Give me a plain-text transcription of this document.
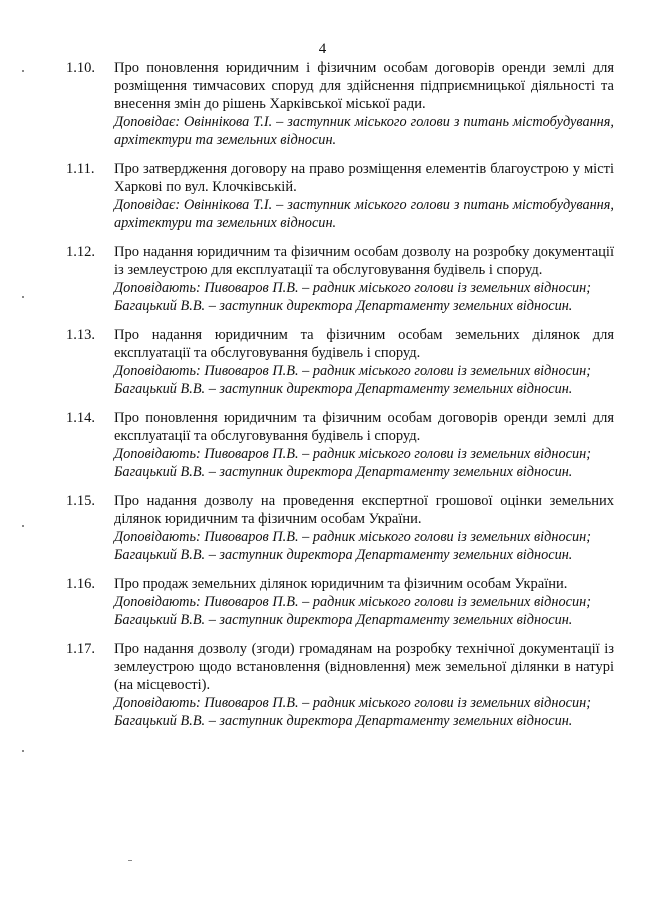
4
1.10.	Про поновлення юридичним і фізичним особам договорів оренди землі для розміщення тимчасових споруд для здійснення підприємницької діяльності та внесення змін до рішень Харківської міської ради.
Доповідає: Овіннікова Т.І. – заступник міського голови з питань містобудування, архітектури та земельних відносин.
1.11.	Про затвердження договору на право розміщення елементів благоустрою у місті Харкові по вул. Клочківській.
Доповідає: Овіннікова Т.І. – заступник міського голови з питань містобудування, архітектури та земельних відносин.
1.12.	Про надання юридичним та фізичним особам дозволу на розробку документації із землеустрою для експлуатації та обслуговування будівель і споруд.
Доповідають: Пивоваров П.В. – радник міського голови із земельних відносин;
Багацький В.В. – заступник директора Департаменту земельних відносин.
1.13.	Про надання юридичним та фізичним особам земельних ділянок для експлуатації та обслуговування будівель і споруд.
Доповідають: Пивоваров П.В. – радник міського голови із земельних відносин;
Багацький В.В. – заступник директора Департаменту земельних відносин.
1.14.	Про поновлення юридичним та фізичним особам договорів оренди землі для експлуатації та обслуговування будівель і споруд.
Доповідають: Пивоваров П.В. – радник міського голови із земельних відносин;
Багацький В.В. – заступник директора Департаменту земельних відносин.
1.15.	Про надання дозволу на проведення експертної грошової оцінки земельних ділянок юридичним та фізичним особам України.
Доповідають: Пивоваров П.В. – радник міського голови із земельних відносин;
Багацький В.В. – заступник директора Департаменту земельних відносин.
1.16.	Про продаж земельних ділянок юридичним та фізичним особам України.
Доповідають: Пивоваров П.В. – радник міського голови із земельних відносин;
Багацький В.В. – заступник директора Департаменту земельних відносин.
1.17.	Про надання дозволу (згоди) громадянам на розробку технічної документації із землеустрою щодо встановлення (відновлення) меж земельної ділянки в натурі (на місцевості).
Доповідають: Пивоваров П.В. – радник міського голови із земельних відносин;
Багацький В.В. – заступник директора Департаменту земельних відносин.
